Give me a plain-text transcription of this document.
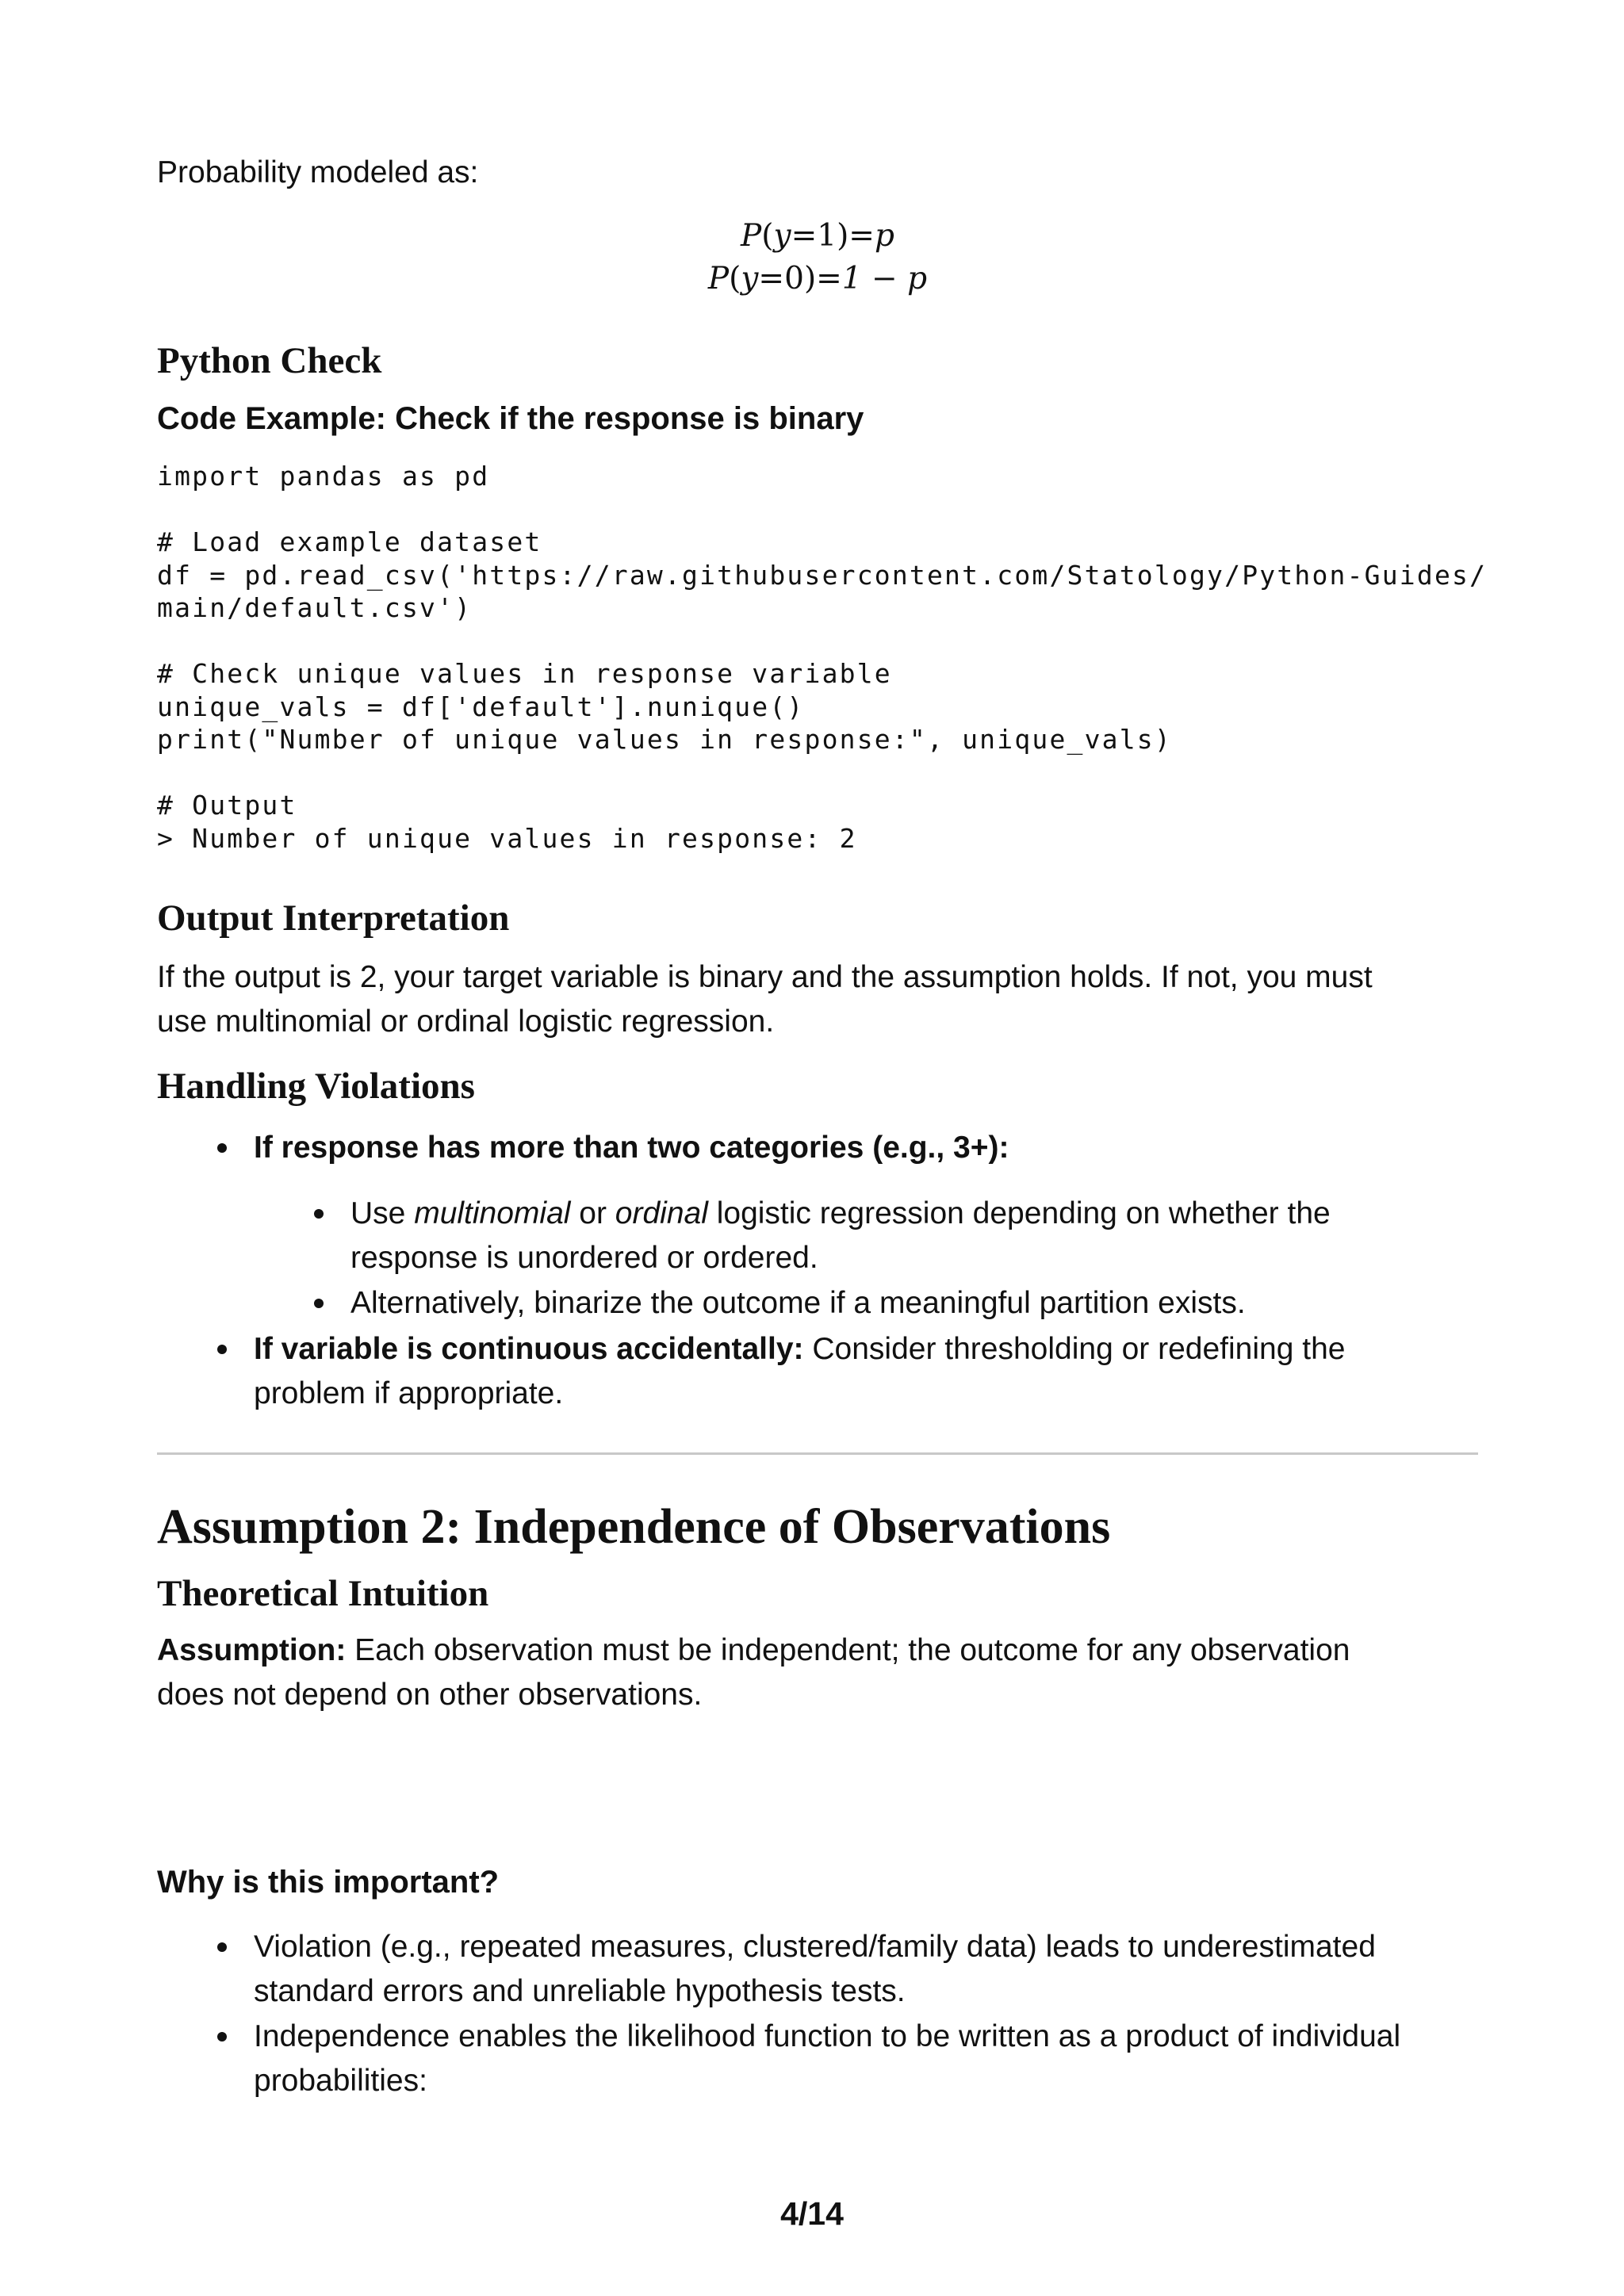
Probability modeled as:

P(y=1)=p
P(y=0)=1 − p
Python Check
Code Example: Check if the response is binary
import pandas as pd

# Load example dataset
df = pd.read_csv('https://raw.githubusercontent.com/Statology/Python-Guides/
main/default.csv')

# Check unique values in response variable
unique_vals = df['default'].nunique()
print("Number of unique values in response:", unique_vals)

# Output
> Number of unique values in response: 2
Output Interpretation

If the output is 2, your target variable is binary and the assumption holds. If not, you must

use multinomial or ordinal logistic regression.

Handling Violations
If response has more than two categories (e.g., 3+):
Use multinomial or ordinal logistic regression depending on whether the
response is unordered or ordered.
Alternatively, binarize the outcome if a meaningful partition exists.
If variable is continuous accidentally: Consider thresholding or redefining the
problem if appropriate.
Assumption 2: Independence of Observations
Theoretical Intuition

Assumption: Each observation must be independent; the outcome for any observation

does not depend on other observations.

Why is this important?
Violation (e.g., repeated measures, clustered/family data) leads to underestimated
standard errors and unreliable hypothesis tests.
Independence enables the likelihood function to be written as a product of individual
probabilities:
4/14
